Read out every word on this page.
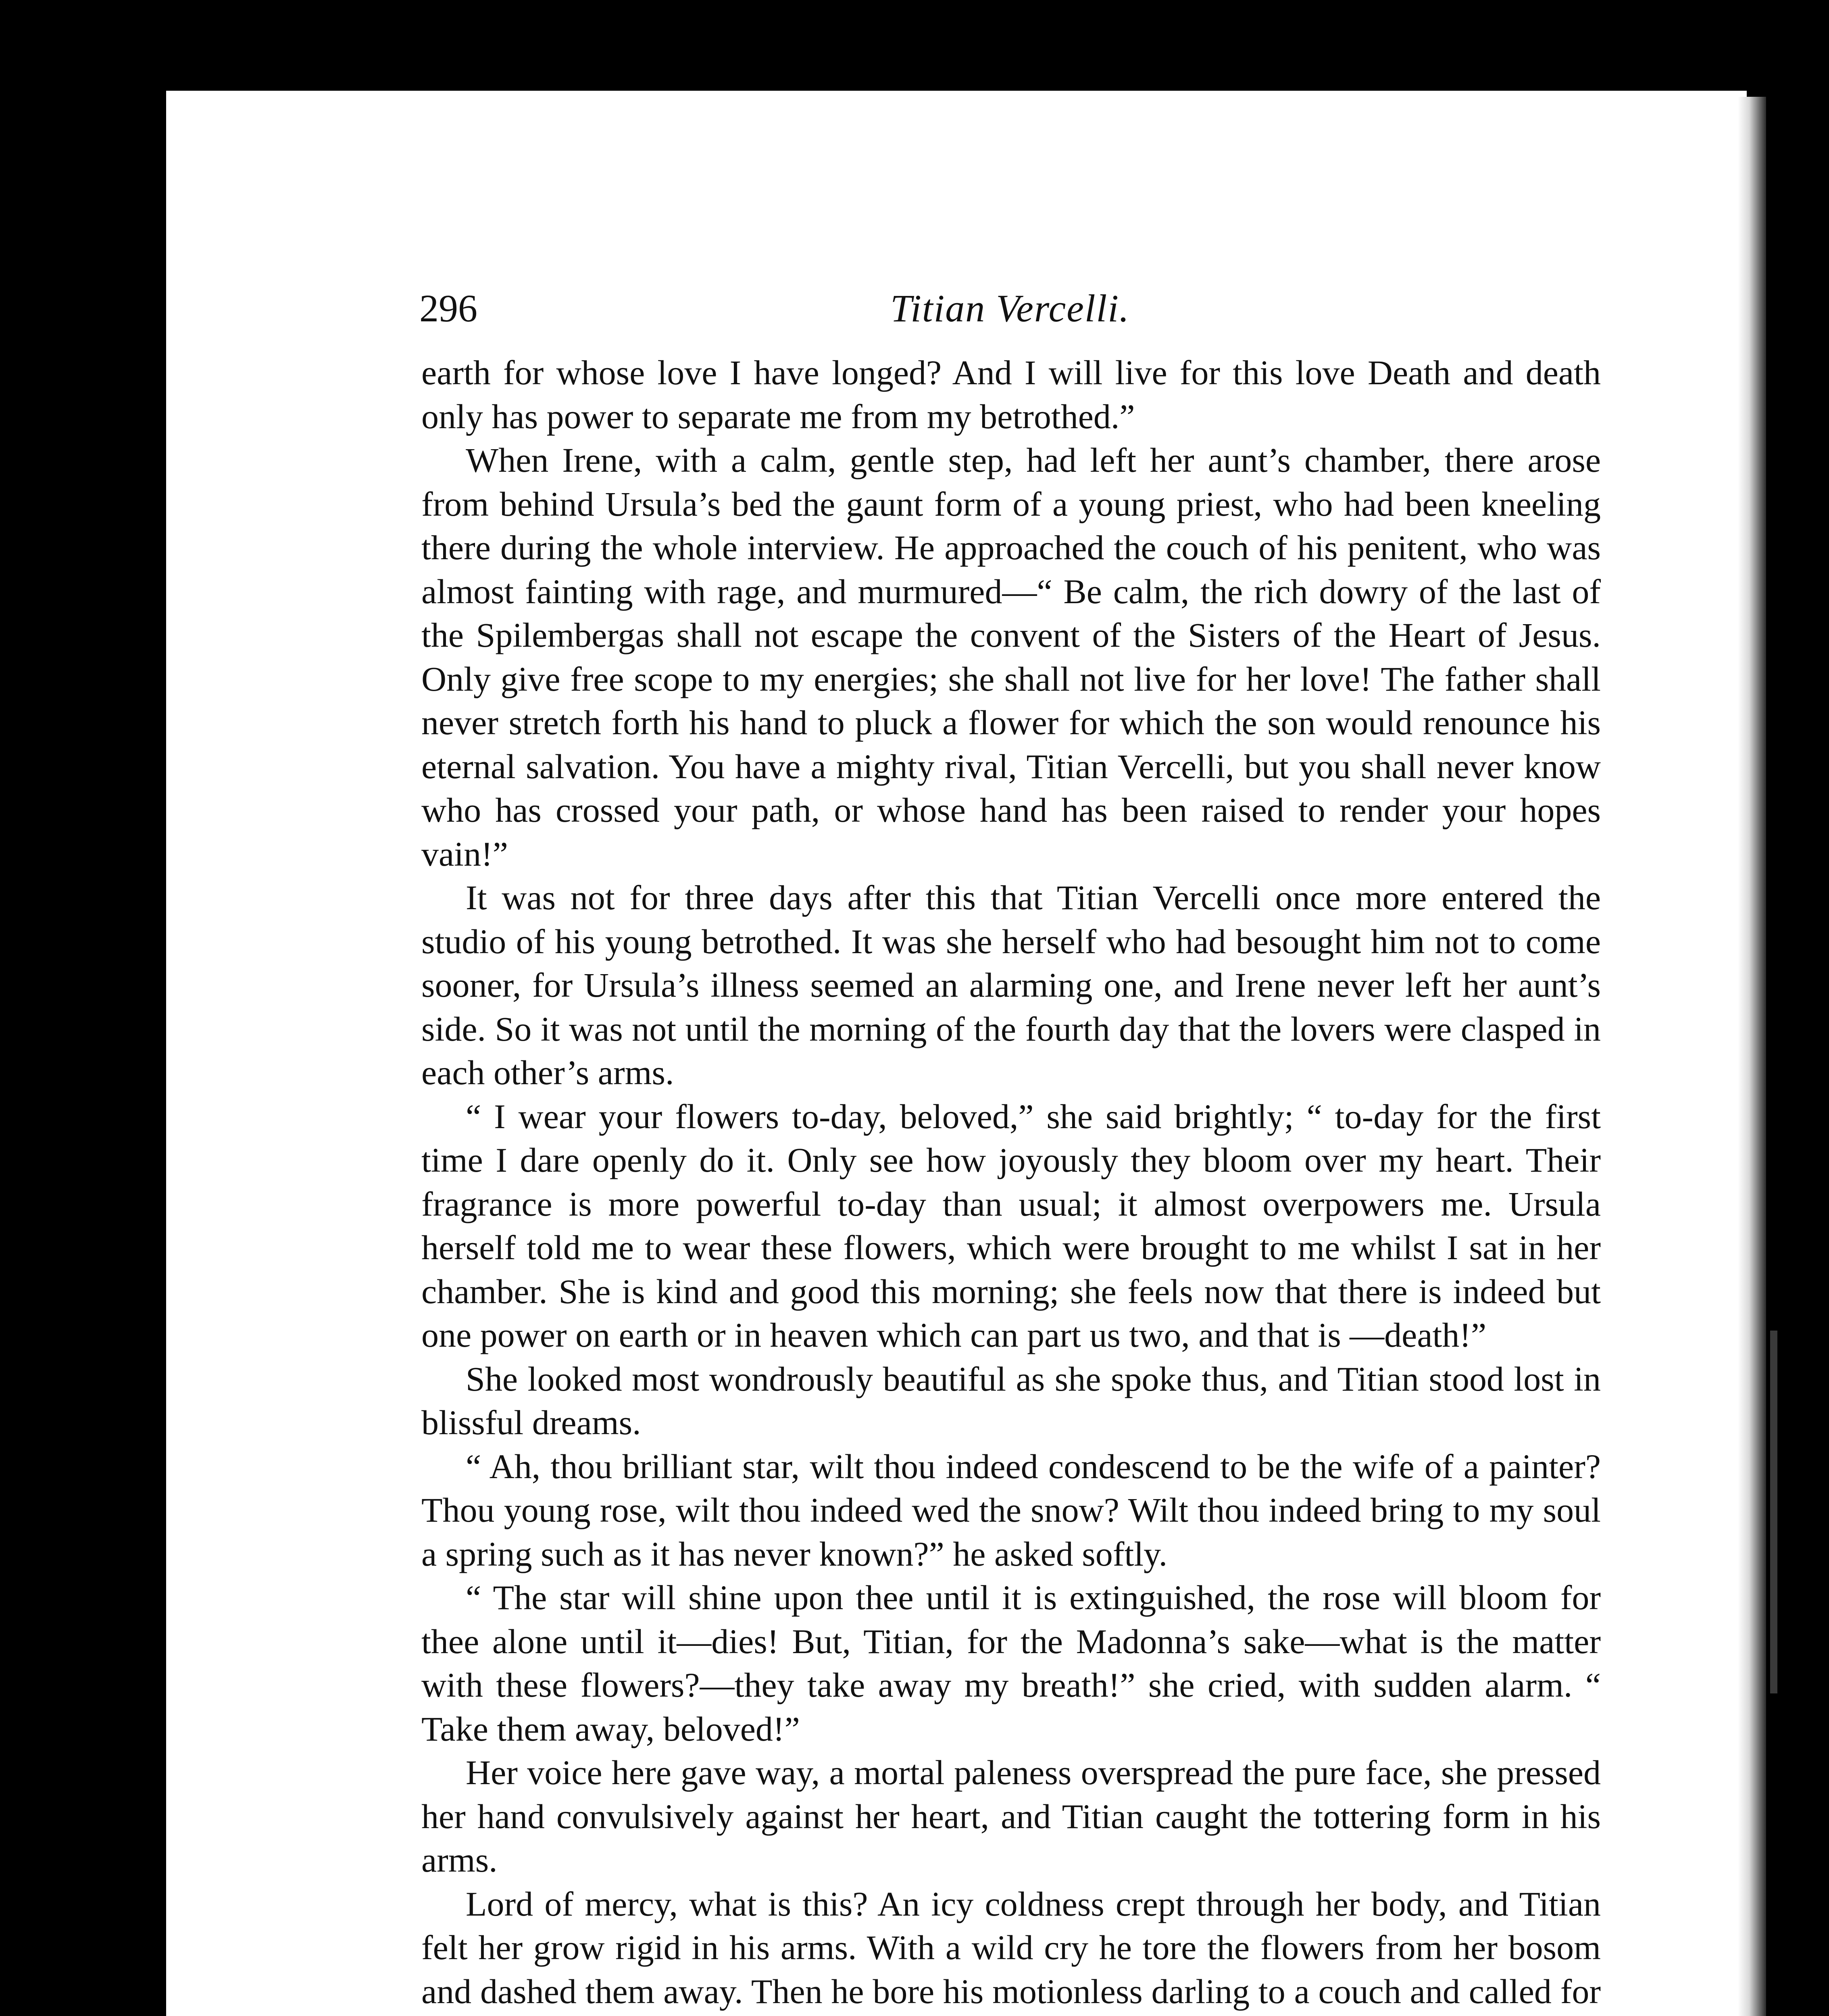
296	Titian Vercelli.

earth for whose love I have longed? And I will live for this love Death and death only has power to separate me from my betrothed.”

When Irene, with a calm, gentle step, had left her aunt’s chamber, there arose from behind Ursula’s bed the gaunt form of a young priest, who had been kneeling there during the whole interview. He approached the couch of his penitent, who was almost fainting with rage, and murmured—“ Be calm, the rich dowry of the last of the Spilembergas shall not escape the convent of the Sisters of the Heart of Jesus. Only give free scope to my energies; she shall not live for her love! The father shall never stretch forth his hand to pluck a flower for which the son would renounce his eternal salvation. You have a mighty rival, Titian Vercelli, but you shall never know who has crossed your path, or whose hand has been raised to render your hopes vain!”

It was not for three days after this that Titian Vercelli once more entered the studio of his young betrothed. It was she herself who had besought him not to come sooner, for Ursula’s illness seemed an alarming one, and Irene never left her aunt’s side. So it was not until the morning of the fourth day that the lovers were clasped in each other’s arms.

“ I wear your flowers to-day, beloved,” she said brightly; “ to-day for the first time I dare openly do it. Only see how joyously they bloom over my heart. Their fragrance is more powerful to-day than usual; it almost overpowers me. Ursula herself told me to wear these flowers, which were brought to me whilst I sat in her chamber. She is kind and good this morning; she feels now that there is indeed but one power on earth or in heaven which can part us two, and that is —death!”

She looked most wondrously beautiful as she spoke thus, and Titian stood lost in blissful dreams.

“ Ah, thou brilliant star, wilt thou indeed condescend to be the wife of a painter? Thou young rose, wilt thou indeed wed the snow? Wilt thou indeed bring to my soul a spring such as it has never known?” he asked softly.

“ The star will shine upon thee until it is extinguished, the rose will bloom for thee alone until it—dies! But, Titian, for the Madonna’s sake—what is the matter with these flowers?—they take away my breath!” she cried, with sudden alarm. “ Take them away, beloved!”

Her voice here gave way, a mortal paleness overspread the pure face, she pressed her hand convulsively against her heart, and Titian caught the tottering form in his arms.

Lord of mercy, what is this? An icy coldness crept through her body, and Titian felt her grow rigid in his arms. With a wild cry he tore the flowers from her bosom and dashed them away. Then he bore his motionless darling to a couch and called for
